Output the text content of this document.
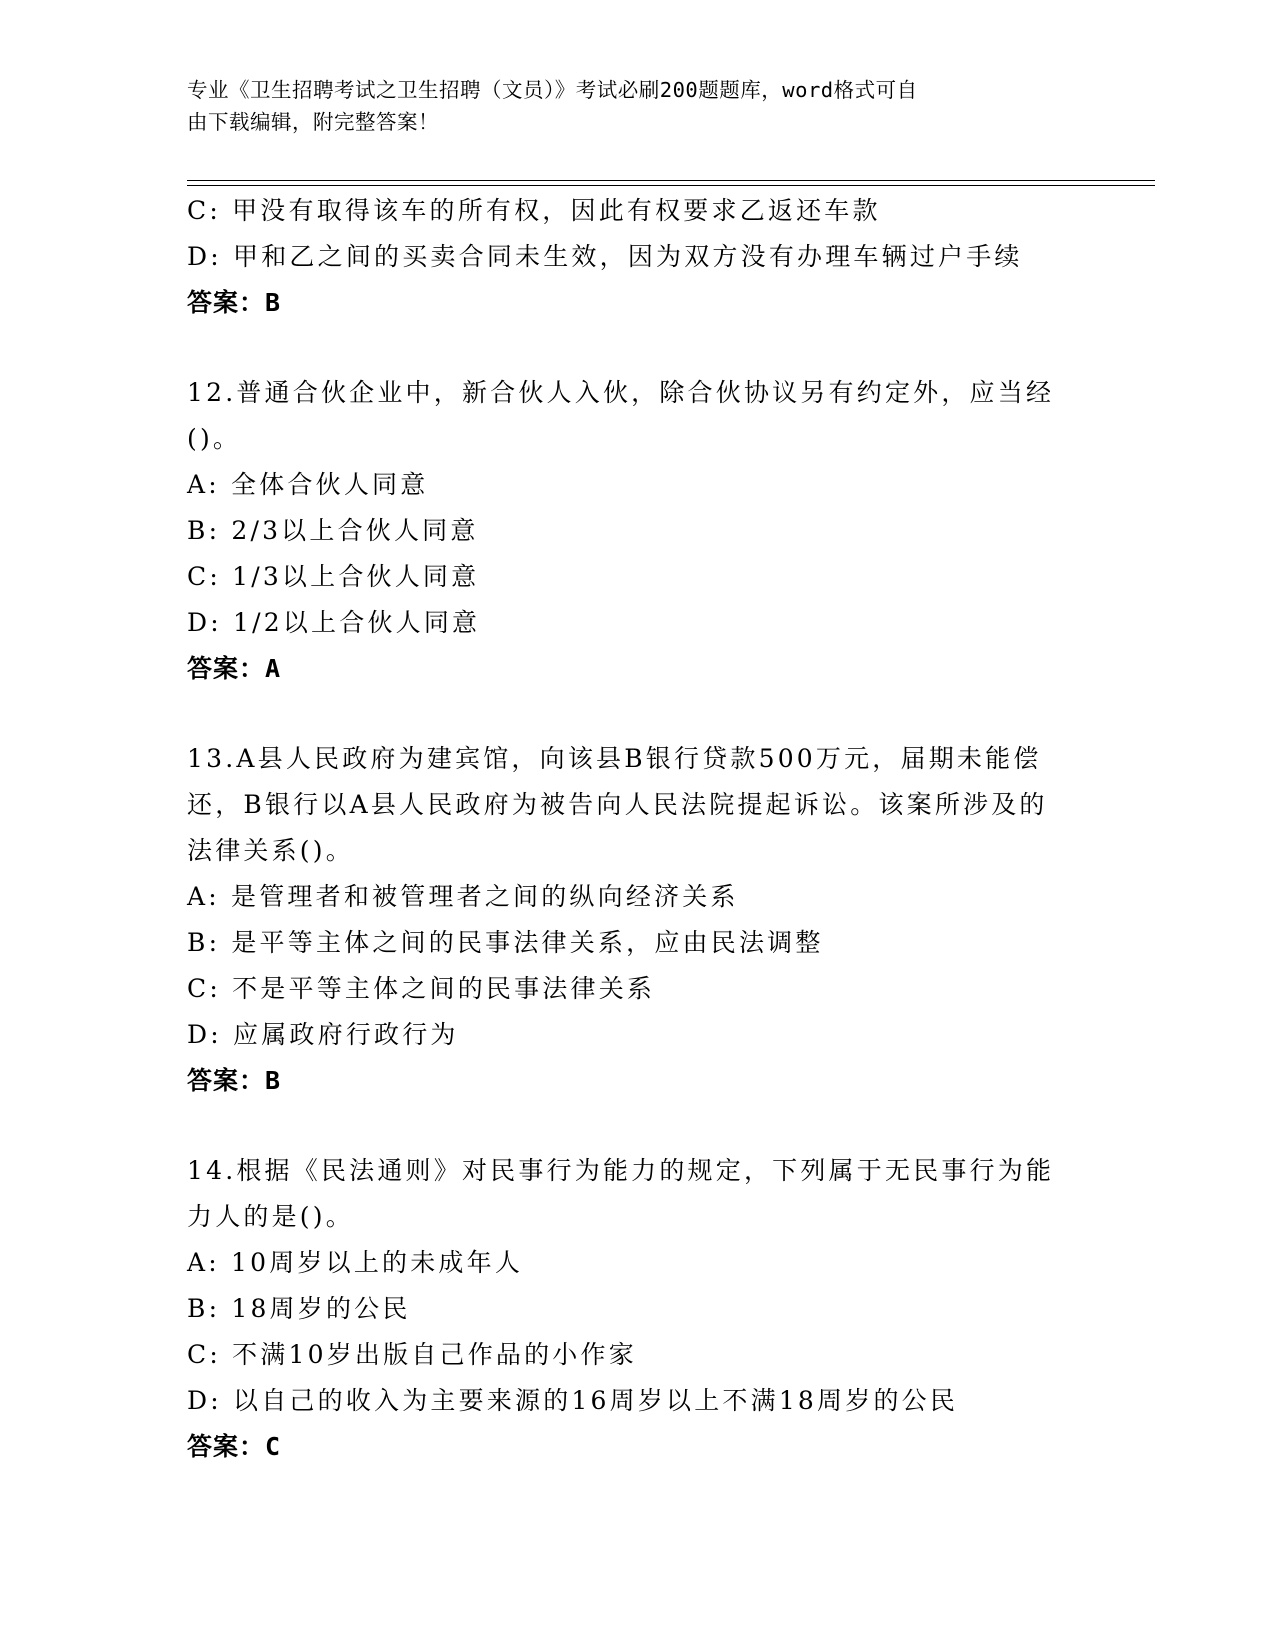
专业《卫生招聘考试之卫生招聘（文员）》考试必刷200题题库，word格式可自
由下载编辑，附完整答案！
C: 甲没有取得该车的所有权，因此有权要求乙返还车款
D: 甲和乙之间的买卖合同未生效，因为双方没有办理车辆过户手续
答案：B
12.普通合伙企业中，新合伙人入伙，除合伙协议另有约定外，应当经
()。
A: 全体合伙人同意
B: 2/3以上合伙人同意
C: 1/3以上合伙人同意
D: 1/2以上合伙人同意
答案：A
13.A县人民政府为建宾馆，向该县B银行贷款500万元，届期未能偿
还，B银行以A县人民政府为被告向人民法院提起诉讼。该案所涉及的
法律关系()。
A: 是管理者和被管理者之间的纵向经济关系
B: 是平等主体之间的民事法律关系，应由民法调整
C: 不是平等主体之间的民事法律关系
D: 应属政府行政行为
答案：B
14.根据《民法通则》对民事行为能力的规定，下列属于无民事行为能
力人的是()。
A: 10周岁以上的未成年人
B: 18周岁的公民
C: 不满10岁出版自己作品的小作家
D: 以自己的收入为主要来源的16周岁以上不满18周岁的公民
答案：C
